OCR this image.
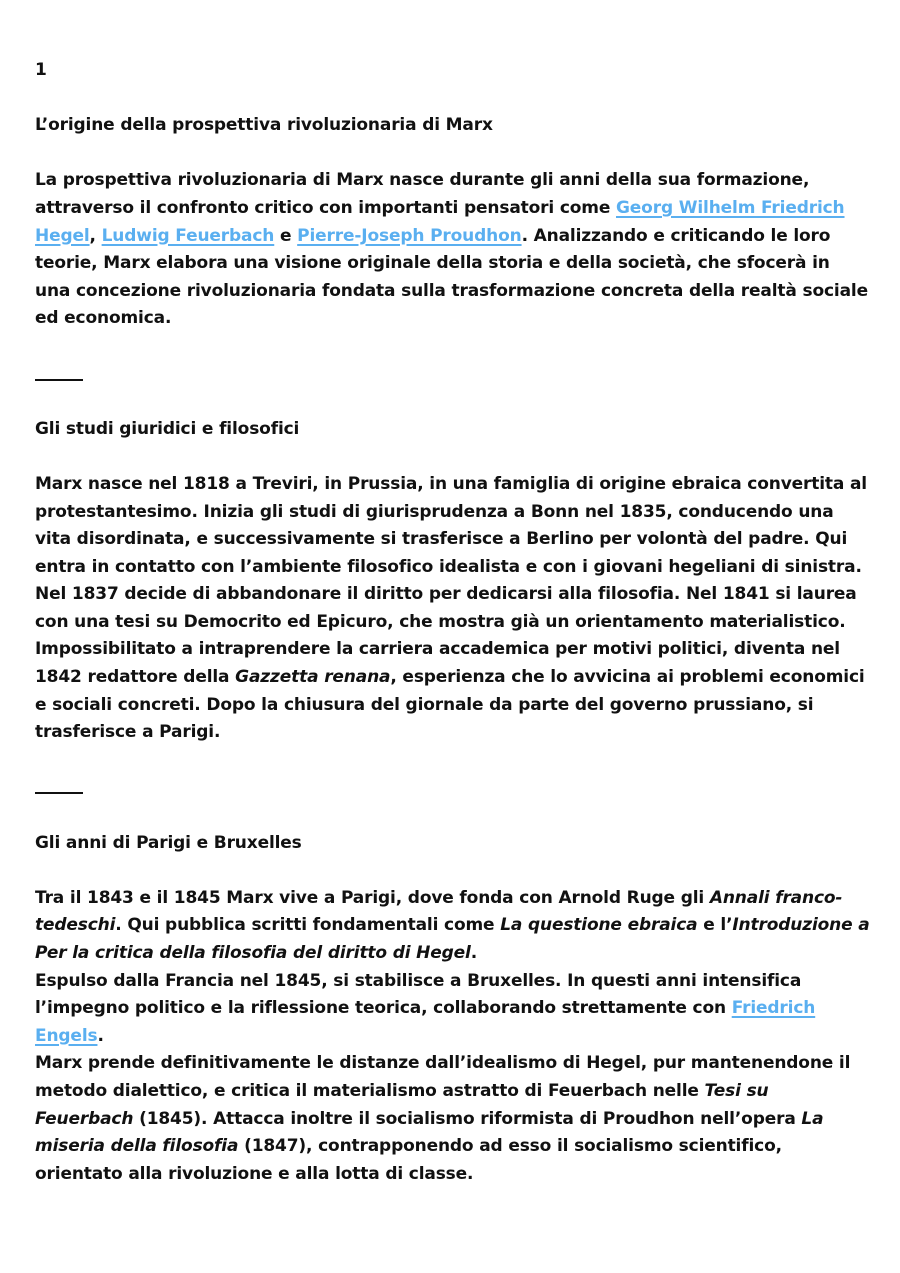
1

L’origine della prospettiva rivoluzionaria di Marx

La prospettiva rivoluzionaria di Marx nasce durante gli anni della sua formazione, attraverso il confronto critico con importanti pensatori come Georg Wilhelm Friedrich Hegel, Ludwig Feuerbach e Pierre-Joseph Proudhon. Analizzando e criticando le loro teorie, Marx elabora una visione originale della storia e della società, che sfocerà in una concezione rivoluzionaria fondata sulla trasformazione concreta della realtà sociale ed economica.

Gli studi giuridici e filosofici

Marx nasce nel 1818 a Treviri, in Prussia, in una famiglia di origine ebraica convertita al protestantesimo. Inizia gli studi di giurisprudenza a Bonn nel 1835, conducendo una vita disordinata, e successivamente si trasferisce a Berlino per volontà del padre. Qui entra in contatto con l’ambiente filosofico idealista e con i giovani hegeliani di sinistra.

Nel 1837 decide di abbandonare il diritto per dedicarsi alla filosofia. Nel 1841 si laurea con una tesi su Democrito ed Epicuro, che mostra già un orientamento materialistico. Impossibilitato a intraprendere la carriera accademica per motivi politici, diventa nel 1842 redattore della Gazzetta renana, esperienza che lo avvicina ai problemi economici e sociali concreti. Dopo la chiusura del giornale da parte del governo prussiano, si trasferisce a Parigi.

Gli anni di Parigi e Bruxelles

Tra il 1843 e il 1845 Marx vive a Parigi, dove fonda con Arnold Ruge gli Annali franco-tedeschi. Qui pubblica scritti fondamentali come La questione ebraica e l’Introduzione a Per la critica della filosofia del diritto di Hegel.

Espulso dalla Francia nel 1845, si stabilisce a Bruxelles. In questi anni intensifica l’impegno politico e la riflessione teorica, collaborando strettamente con Friedrich Engels.

Marx prende definitivamente le distanze dall’idealismo di Hegel, pur mantenendone il metodo dialettico, e critica il materialismo astratto di Feuerbach nelle Tesi su Feuerbach (1845). Attacca inoltre il socialismo riformista di Proudhon nell’opera La miseria della filosofia (1847), contrapponendo ad esso il socialismo scientifico, orientato alla rivoluzione e alla lotta di classe.
